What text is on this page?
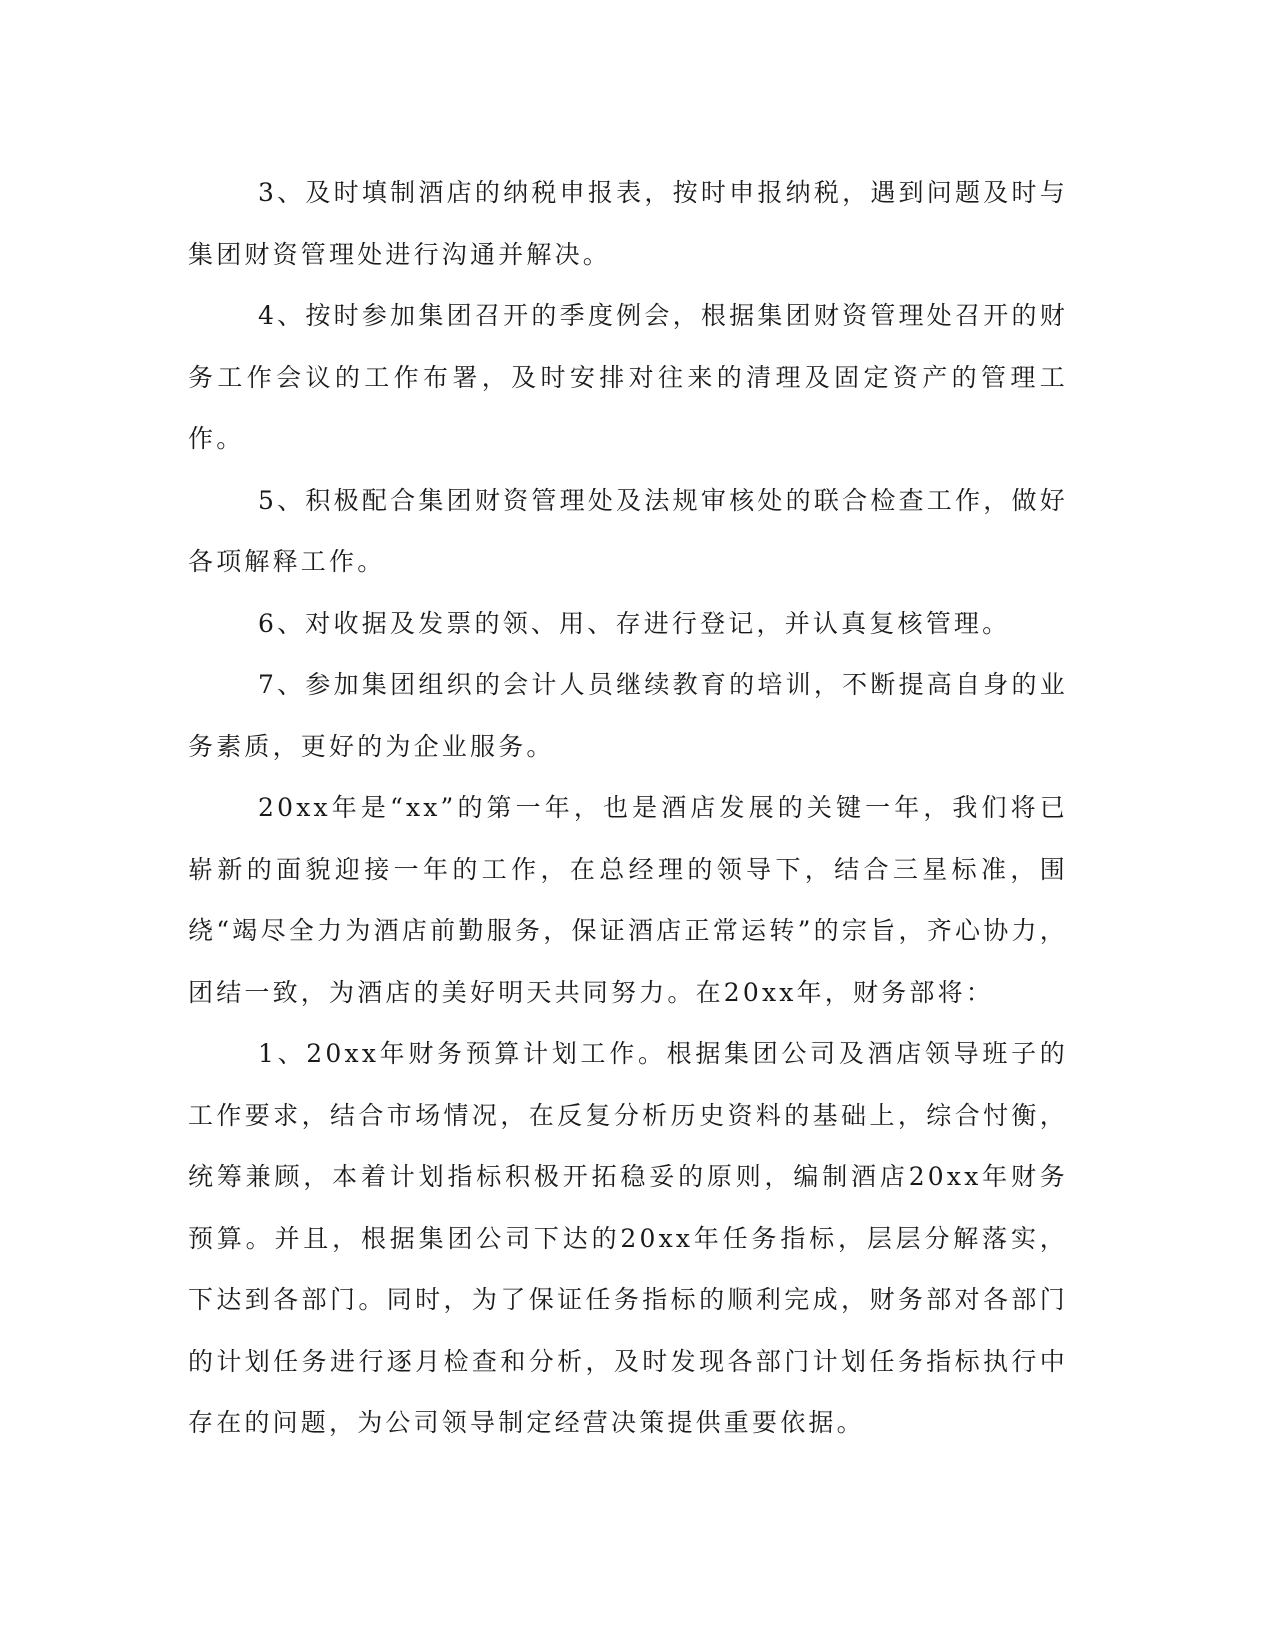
3、及时填制酒店的纳税申报表，按时申报纳税，遇到问题及时与集团财资管理处进行沟通并解决。

4、按时参加集团召开的季度例会，根据集团财资管理处召开的财务工作会议的工作布署，及时安排对往来的清理及固定资产的管理工作。

5、积极配合集团财资管理处及法规审核处的联合检查工作，做好各项解释工作。

6、对收据及发票的领、用、存进行登记，并认真复核管理。

7、参加集团组织的会计人员继续教育的培训，不断提高自身的业务素质，更好的为企业服务。

20xx年是“xx”的第一年，也是酒店发展的关键一年，我们将已崭新的面貌迎接一年的工作，在总经理的领导下，结合三星标准，围绕“竭尽全力为酒店前勤服务，保证酒店正常运转”的宗旨，齐心协力，团结一致，为酒店的美好明天共同努力。在20xx年，财务部将：

1、20xx年财务预算计划工作。根据集团公司及酒店领导班子的工作要求，结合市场情况，在反复分析历史资料的基础上，综合忖衡，统筹兼顾，本着计划指标积极开拓稳妥的原则，编制酒店20xx年财务预算。并且，根据集团公司下达的20xx年任务指标，层层分解落实，下达到各部门。同时，为了保证任务指标的顺利完成，财务部对各部门的计划任务进行逐月检查和分析，及时发现各部门计划任务指标执行中存在的问题，为公司领导制定经营决策提供重要依据。
